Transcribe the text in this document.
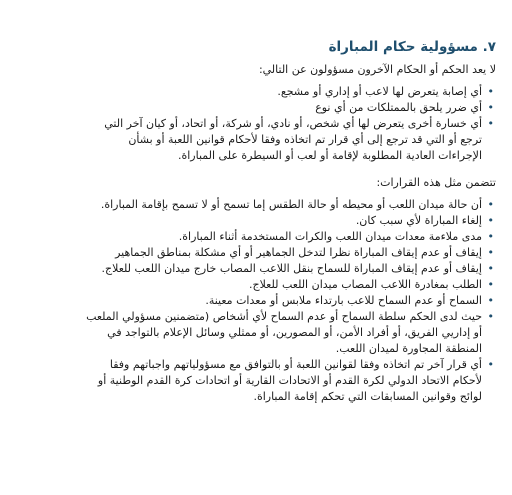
٧. مسؤولية حكام المباراة

لا يعد الحكم أو الحكام الآخرون مسؤولون عن التالي:

•
أي إصابة يتعرض لها لاعب أو إداري أو مشجع.
•
أي ضرر يلحق بالممتلكات من أي نوع
•
أي خسارة أخرى يتعرض لها أي شخص، أو نادي، أو شركة، أو اتحاد، أو كيان آخر التي
ترجع أو التي قد ترجع إلى أي قرار تم اتخاذه وفقا لأحكام قوانين اللعبة أو بشأن
الإجراءات العادية المطلوبة لإقامة أو لعب أو السيطرة على المباراة.

تتضمن مثل هذه القرارات:

•
أن حالة ميدان اللعب أو محيطه أو حالة الطقس إما تسمح أو لا تسمح بإقامة المباراة.
•
إلغاء المباراة لأي سبب كان.
•
مدى ملاءمة معدات ميدان اللعب والكرات المستخدمة أثناء المباراة.
•
إيقاف أو عدم إيقاف المباراة نظرا لتدخل الجماهير أو أي مشكلة بمناطق الجماهير
•
إيقاف أو عدم إيقاف المباراة للسماح بنقل اللاعب المصاب خارج ميدان اللعب للعلاج.
•
الطلب بمغادرة اللاعب المصاب ميدان اللعب للعلاج.
•
السماح أو عدم السماح للاعب بارتداء ملابس أو معدات معينة.
•
حيث لدى الحكم سلطة السماح أو عدم السماح لأي أشخاص (متضمنين مسؤولي الملعب
أو إداريي الفريق، أو أفراد الأمن، أو المصورين، أو ممثلي وسائل الإعلام بالتواجد في
المنطقة المجاورة لميدان اللعب.
•
أي قرار آخر تم اتخاذه وفقا لقوانين اللعبة أو بالتوافق مع مسؤولياتهم واجباتهم وفقا
لأحكام الاتحاد الدولي لكرة القدم أو الاتحادات القارية أو اتحادات كرة القدم الوطنية أو
لوائح وقوانين المسابقات التي تحكم إقامة المباراة.
